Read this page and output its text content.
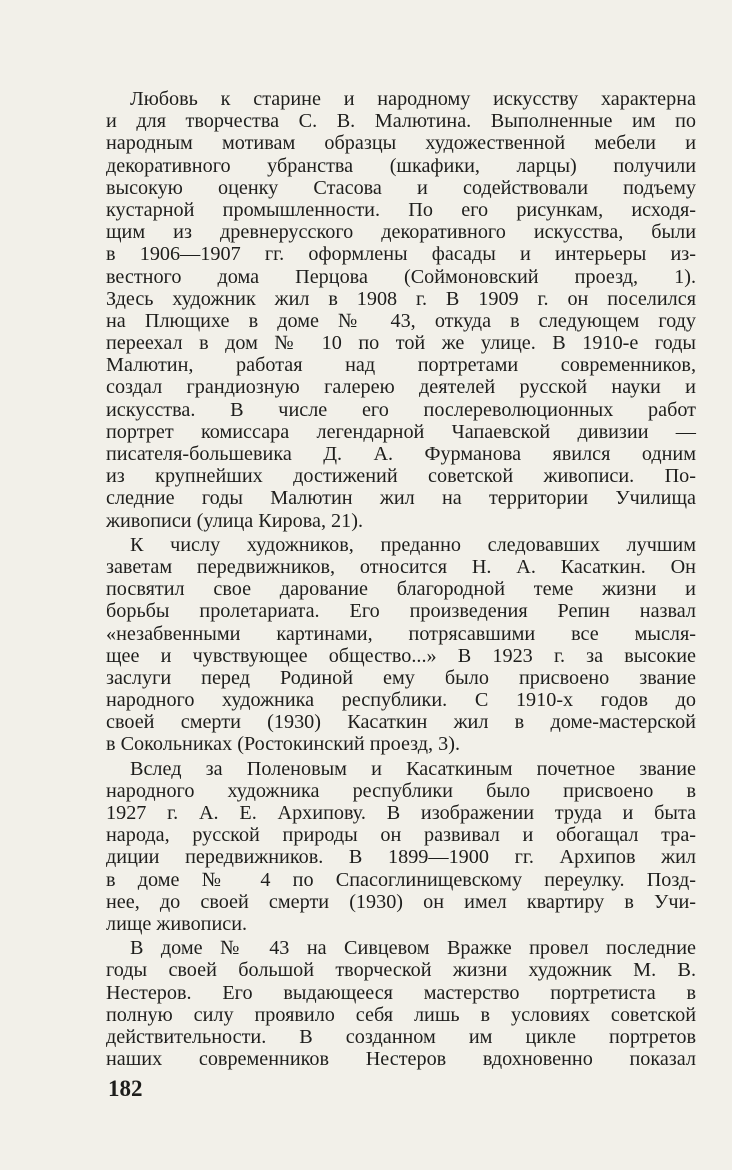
Любовь к старине и народному искусству характерна
и для творчества С. В. Малютина. Выполненные им по
народным мотивам образцы художественной мебели и
декоративного убранства (шкафики, ларцы) получили
высокую оценку Стасова и содействовали подъему
кустарной промышленности. По его рисункам, исходя-
щим из древнерусского декоративного искусства, были
в 1906—1907 гг. оформлены фасады и интерьеры из-
вестного дома Перцова (Соймоновский проезд, 1).
Здесь художник жил в 1908 г. В 1909 г. он поселился
на Плющихе в доме № 43, откуда в следующем году
переехал в дом № 10 по той же улице. В 1910-е годы
Малютин, работая над портретами современников,
создал грандиозную галерею деятелей русской науки и
искусства. В числе его послереволюционных работ
портрет комиссара легендарной Чапаевской дивизии —
писателя-большевика Д. А. Фурманова явился одним
из крупнейших достижений советской живописи. По-
следние годы Малютин жил на территории Училища
живописи (улица Кирова, 21).

К числу художников, преданно следовавших лучшим
заветам передвижников, относится Н. А. Касаткин. Он
посвятил свое дарование благородной теме жизни и
борьбы пролетариата. Его произведения Репин назвал
«незабвенными картинами, потрясавшими все мысля-
щее и чувствующее общество...» В 1923 г. за высокие
заслуги перед Родиной ему было присвоено звание
народного художника республики. С 1910-х годов до
своей смерти (1930) Касаткин жил в доме-мастерской
в Сокольниках (Ростокинский проезд, 3).

Вслед за Поленовым и Касаткиным почетное звание
народного художника республики было присвоено в
1927 г. А. Е. Архипову. В изображении труда и быта
народа, русской природы он развивал и обогащал тра-
диции передвижников. В 1899—1900 гг. Архипов жил
в доме № 4 по Спасоглинищевскому переулку. Позд-
нее, до своей смерти (1930) он имел квартиру в Учи-
лище живописи.

В доме № 43 на Сивцевом Вражке провел последние
годы своей большой творческой жизни художник М. В.
Нестеров. Его выдающееся мастерство портретиста в
полную силу проявило себя лишь в условиях советской
действительности. В созданном им цикле портретов
наших современников Нестеров вдохновенно показал

182
